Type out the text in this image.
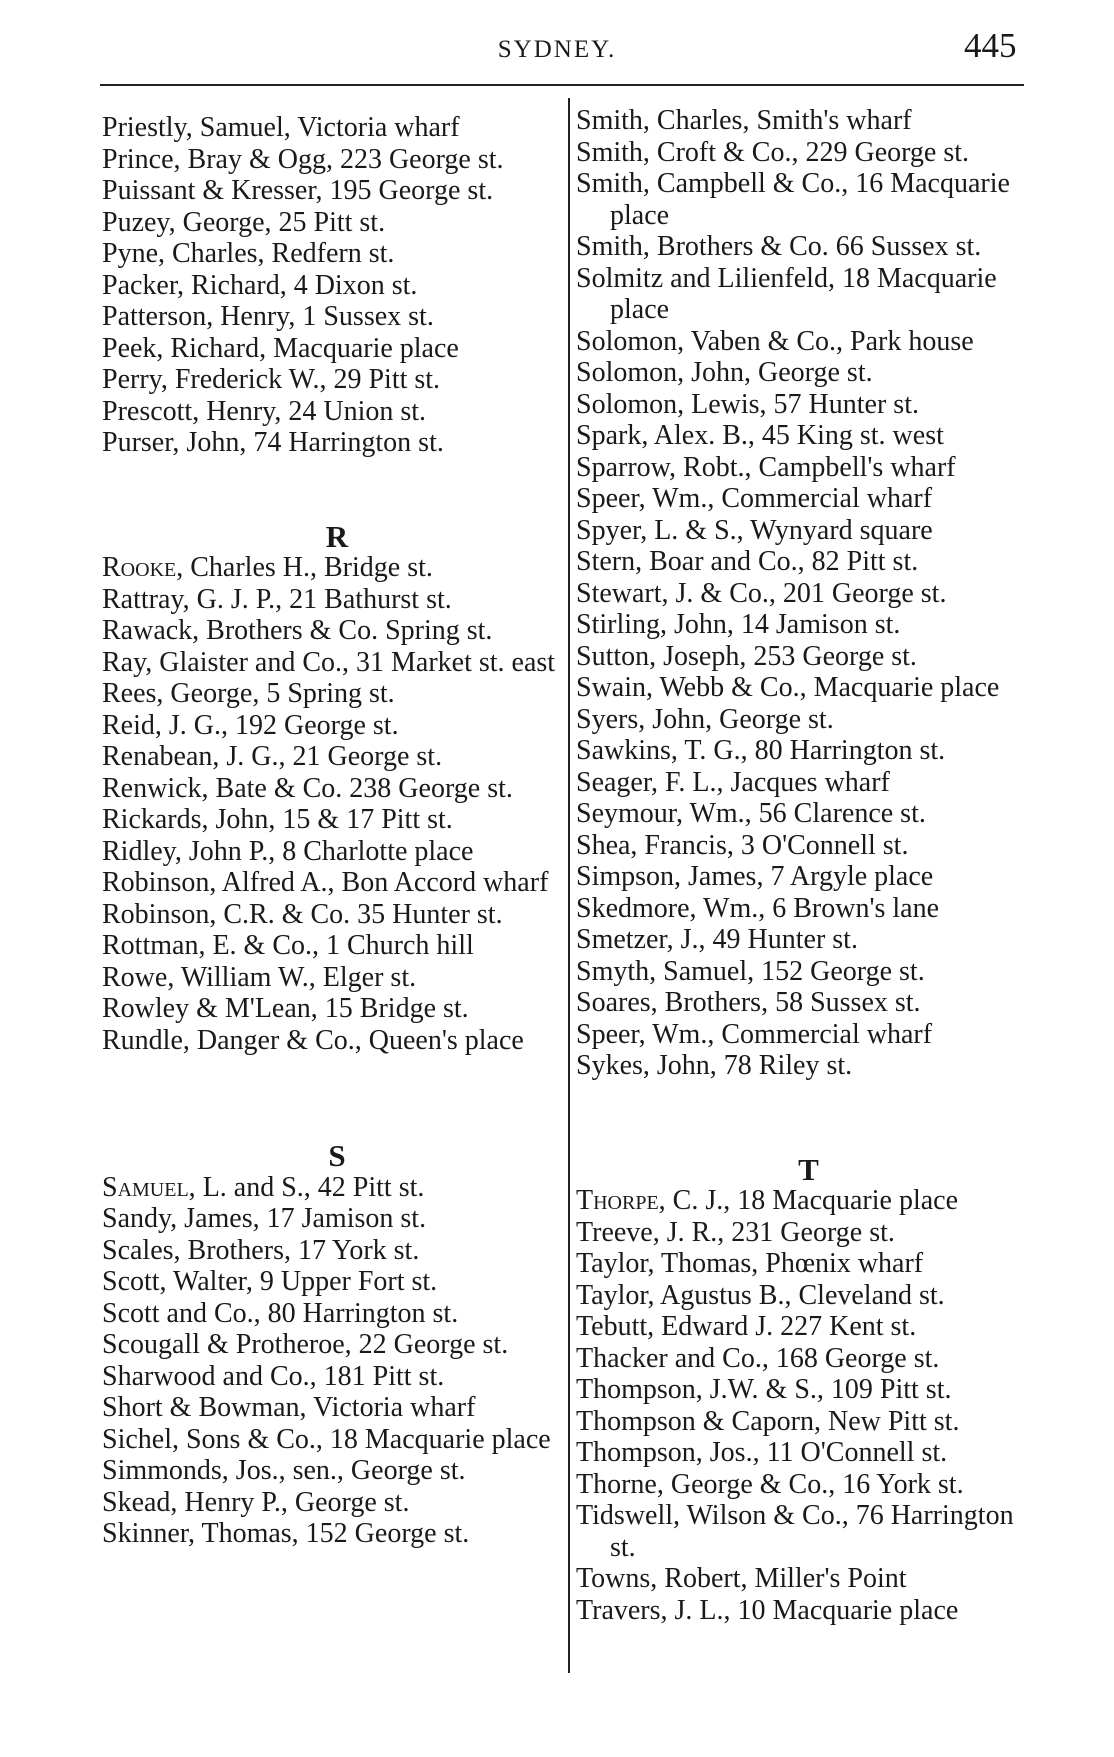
SYDNEY.	445
Priestly, Samuel, Victoria wharf
Prince, Bray & Ogg, 223 George st.
Puissant & Kresser, 195 George st.
Puzey, George, 25 Pitt st.
Pyne, Charles, Redfern st.
Packer, Richard, 4 Dixon st.
Patterson, Henry, 1 Sussex st.
Peek, Richard, Macquarie place
Perry, Frederick W., 29 Pitt st.
Prescott, Henry, 24 Union st.
Purser, John, 74 Harrington st.
R
Rooke, Charles H., Bridge st.
Rattray, G. J. P., 21 Bathurst st.
Rawack, Brothers & Co. Spring st.
Ray, Glaister and Co., 31 Market st. east
Rees, George, 5 Spring st.
Reid, J. G., 192 George st.
Renabean, J. G., 21 George st.
Renwick, Bate & Co. 238 George st.
Rickards, John, 15 & 17 Pitt st.
Ridley, John P., 8 Charlotte place
Robinson, Alfred A., Bon Accord wharf
Robinson, C.R. & Co. 35 Hunter st.
Rottman, E. & Co., 1 Church hill
Rowe, William W., Elger st.
Rowley & M'Lean, 15 Bridge st.
Rundle, Danger & Co., Queen's place
S
Samuel, L. and S., 42 Pitt st.
Sandy, James, 17 Jamison st.
Scales, Brothers, 17 York st.
Scott, Walter, 9 Upper Fort st.
Scott and Co., 80 Harrington st.
Scougall & Protheroe, 22 George st.
Sharwood and Co., 181 Pitt st.
Short & Bowman, Victoria wharf
Sichel, Sons & Co., 18 Macquarie place
Simmonds, Jos., sen., George st.
Skead, Henry P., George st.
Skinner, Thomas, 152 George st.
Smith, Charles, Smith's wharf
Smith, Croft & Co., 229 George st.
Smith, Campbell & Co., 16 Macquarie place
Smith, Brothers & Co. 66 Sussex st.
Solmitz and Lilienfeld, 18 Macquarie place
Solomon, Vaben & Co., Park house
Solomon, John, George st.
Solomon, Lewis, 57 Hunter st.
Spark, Alex. B., 45 King st. west
Sparrow, Robt., Campbell's wharf
Speer, Wm., Commercial wharf
Spyer, L. & S., Wynyard square
Stern, Boar and Co., 82 Pitt st.
Stewart, J. & Co., 201 George st.
Stirling, John, 14 Jamison st.
Sutton, Joseph, 253 George st.
Swain, Webb & Co., Macquarie place
Syers, John, George st.
Sawkins, T. G., 80 Harrington st.
Seager, F. L., Jacques wharf
Seymour, Wm., 56 Clarence st.
Shea, Francis, 3 O'Connell st.
Simpson, James, 7 Argyle place
Skedmore, Wm., 6 Brown's lane
Smetzer, J., 49 Hunter st.
Smyth, Samuel, 152 George st.
Soares, Brothers, 58 Sussex st.
Speer, Wm., Commercial wharf
Sykes, John, 78 Riley st.
T
Thorpe, C. J., 18 Macquarie place
Treeve, J. R., 231 George st.
Taylor, Thomas, Phœnix wharf
Taylor, Agustus B., Cleveland st.
Tebutt, Edward J. 227 Kent st.
Thacker and Co., 168 George st.
Thompson, J.W. & S., 109 Pitt st.
Thompson & Caporn, New Pitt st.
Thompson, Jos., 11 O'Connell st.
Thorne, George & Co., 16 York st.
Tidswell, Wilson & Co., 76 Harrington st.
Towns, Robert, Miller's Point
Travers, J. L., 10 Macquarie place
